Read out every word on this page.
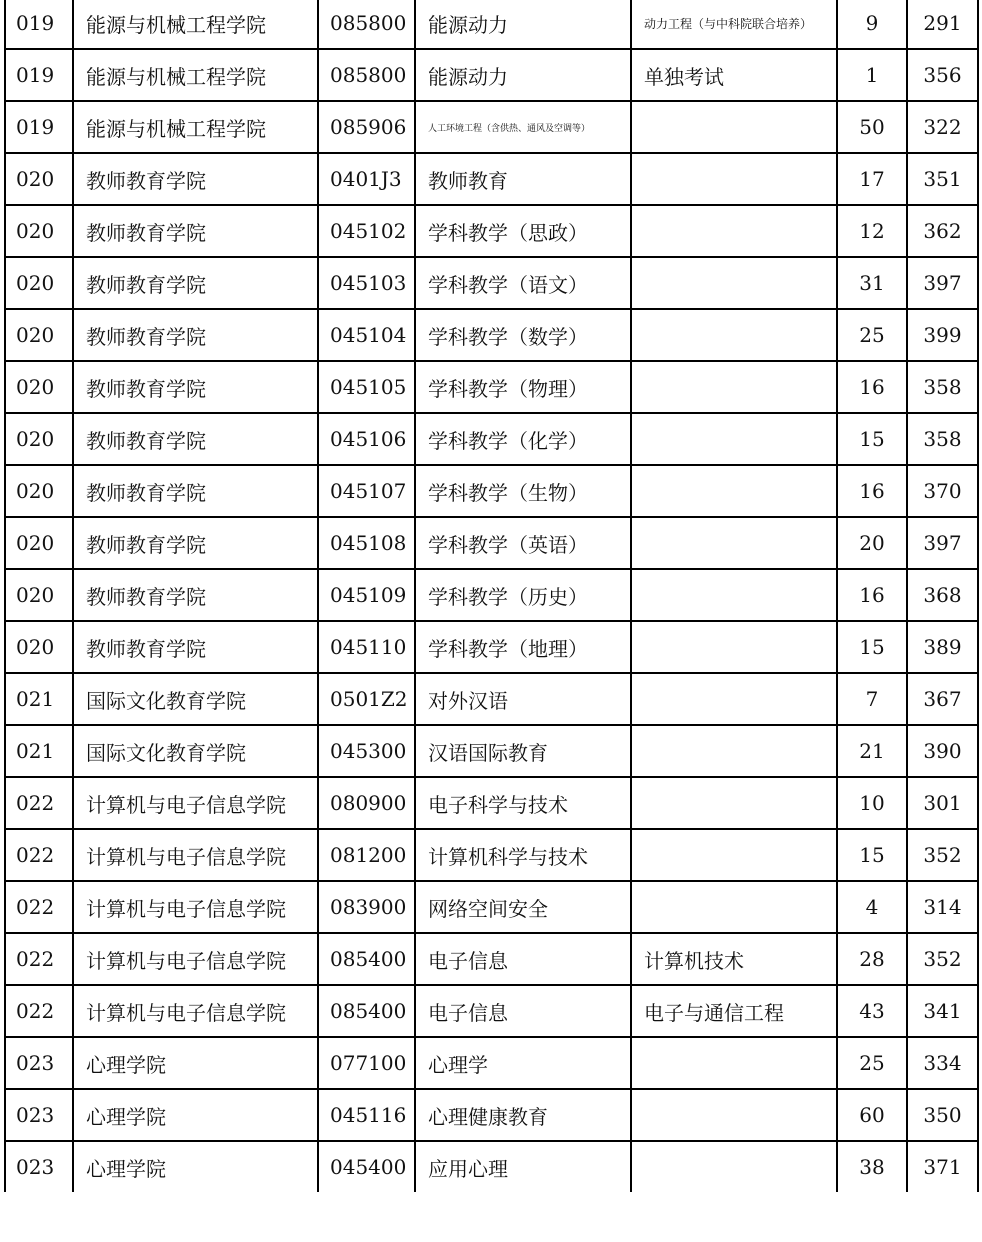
019	能源与机械工程学院	085800	能源动力	动力工程（与中科院联合培养）	9	291
019	能源与机械工程学院	085800	能源动力	单独考试	1	356
019	能源与机械工程学院	085906	人工环境工程（含供热、通风及空调等）		50	322
020	教师教育学院	0401J3	教师教育		17	351
020	教师教育学院	045102	学科教学（思政）		12	362
020	教师教育学院	045103	学科教学（语文）		31	397
020	教师教育学院	045104	学科教学（数学）		25	399
020	教师教育学院	045105	学科教学（物理）		16	358
020	教师教育学院	045106	学科教学（化学）		15	358
020	教师教育学院	045107	学科教学（生物）		16	370
020	教师教育学院	045108	学科教学（英语）		20	397
020	教师教育学院	045109	学科教学（历史）		16	368
020	教师教育学院	045110	学科教学（地理）		15	389
021	国际文化教育学院	0501Z2	对外汉语		7	367
021	国际文化教育学院	045300	汉语国际教育		21	390
022	计算机与电子信息学院	080900	电子科学与技术		10	301
022	计算机与电子信息学院	081200	计算机科学与技术		15	352
022	计算机与电子信息学院	083900	网络空间安全		4	314
022	计算机与电子信息学院	085400	电子信息	计算机技术	28	352
022	计算机与电子信息学院	085400	电子信息	电子与通信工程	43	341
023	心理学院	077100	心理学		25	334
023	心理学院	045116	心理健康教育		60	350
023	心理学院	045400	应用心理		38	371
